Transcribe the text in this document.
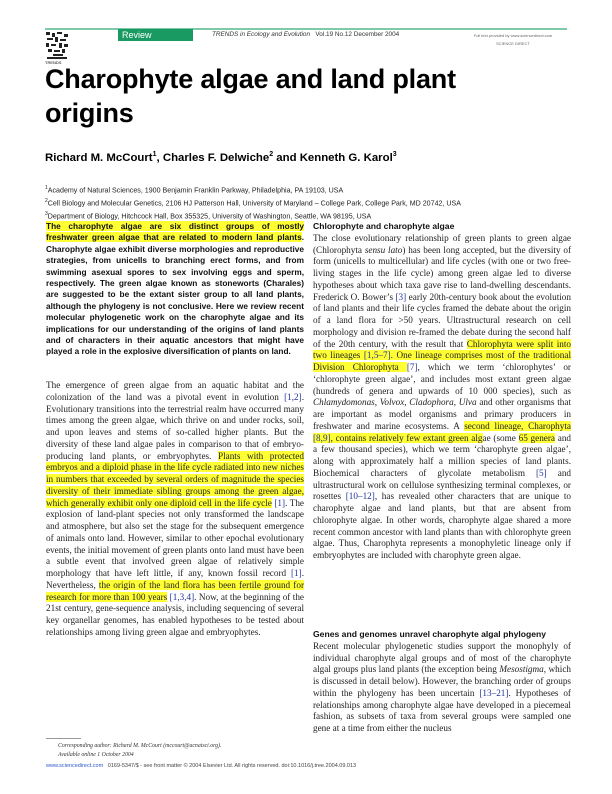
TRENDS
Review	TRENDS in Ecology and Evolution Vol.19 No.12 December 2004	Full text provided by www.sciencedirect.com
SCIENCE DIRECT
Charophyte algae and land plant origins
Richard M. McCourt$^1$, Charles F. Delwiche$^2$ and Kenneth G. Karol$^3$
$^1$Academy of Natural Sciences, 1900 Benjamin Franklin Parkway, Philadelphia, PA 19103, USA
$^2$Cell Biology and Molecular Genetics, 2106 HJ Patterson Hall, University of Maryland – College Park, College Park, MD 20742, USA
$^3$Department of Biology, Hitchcock Hall, Box 355325, University of Washington, Seattle, WA 98195, USA
The charophyte algae are six distinct groups of mostly freshwater green algae that are related to modern land plants. Charophyte algae exhibit diverse morphologies and reproductive strategies, from unicells to branching erect forms, and from swimming asexual spores to sex involving eggs and sperm, respectively. The green algae known as stoneworts (Charales) are suggested to be the extant sister group to all land plants, although the phylogeny is not conclusive. Here we review recent molecular phylogenetic work on the charophyte algae and its implications for our understanding of the origins of land plants and of characters in their aquatic ancestors that might have played a role in the explosive diversification of plants on land.
The emergence of green algae from an aquatic habitat and the colonization of the land was a pivotal event in evolution [1,2]. Evolutionary transitions into the terrestrial realm have occurred many times among the green algae, which thrive on and under rocks, soil, and upon leaves and stems of so-called higher plants. But the diversity of these land algae pales in comparison to that of embryo-producing land plants, or embryophytes. Plants with protected embryos and a diploid phase in the life cycle radiated into new niches in numbers that exceeded by several orders of magnitude the species diversity of their immediate sibling groups among the green algae, which generally exhibit only one diploid cell in the life cycle [1]. The explosion of land-plant species not only transformed the landscape and atmosphere, but also set the stage for the subsequent emergence of animals onto land. However, similar to other epochal evolutionary events, the initial movement of green plants onto land must have been a subtle event that involved green algae of relatively simple morphology that have left little, if any, known fossil record [1]. Nevertheless, the origin of the land flora has been fertile ground for research for more than 100 years [1,3,4]. Now, at the beginning of the 21st century, gene-sequence analysis, including sequencing of several key organellar genomes, has enabled hypotheses to be tested about relationships among living green algae and embryophytes.
Chlorophyte and charophyte algae
The close evolutionary relationship of green plants to green algae (Chlorophyta sensu lato) has been long accepted, but the diversity of form (unicells to multicellular) and life cycles (with one or two free-living stages in the life cycle) among green algae led to diverse hypotheses about which taxa gave rise to land-dwelling descendants. Frederick O. Bower’s [3] early 20th-century book about the evolution of land plants and their life cycles framed the debate about the origin of a land flora for >50 years. Ultrastructural research on cell morphology and division re-framed the debate during the second half of the 20th century, with the result that Chlorophyta were split into two lineages [1,5–7]. One lineage comprises most of the traditional Division Chlorophyta [7], which we term ‘chlorophytes’ or ‘chlorophyte green algae’, and includes most extant green algae (hundreds of genera and upwards of 10 000 species), such as Chlamydomonas, Volvox, Cladophora, Ulva and other organisms that are important as model organisms and primary producers in freshwater and marine ecosystems. A second lineage, Charophyta [8,9], contains relatively few extant green algae (some 65 genera and a few thousand species), which we term ‘charophyte green algae’, along with approximately half a million species of land plants. Biochemical characters of glycolate metabolism [5] and ultrastructural work on cellulose synthesizing terminal complexes, or rosettes [10–12], has revealed other characters that are unique to charophyte algae and land plants, but that are absent from chlorophyte algae. In other words, charophyte algae shared a more recent common ancestor with land plants than with chlorophyte green algae. Thus, Charophyta represents a monophyletic lineage only if embryophytes are included with charophyte green algae.
Genes and genomes unravel charophyte algal phylogeny
Recent molecular phylogenetic studies support the monophyly of individual charophyte algal groups and of most of the charophyte algal groups plus land plants (the exception being Mesostigma, which is discussed in detail below). However, the branching order of groups within the phylogeny has been uncertain [13–21]. Hypotheses of relationships among charophyte algae have developed in a piecemeal fashion, as subsets of taxa from several groups were sampled one gene at a time from either the nucleus
Corresponding author: Richard M. McCourt (mccourt@acnatsci.org).
Available online 1 October 2004
www.sciencedirect.com 0169-5347/$ - see front matter © 2004 Elsevier Ltd. All rights reserved. doi:10.1016/j.tree.2004.09.013
